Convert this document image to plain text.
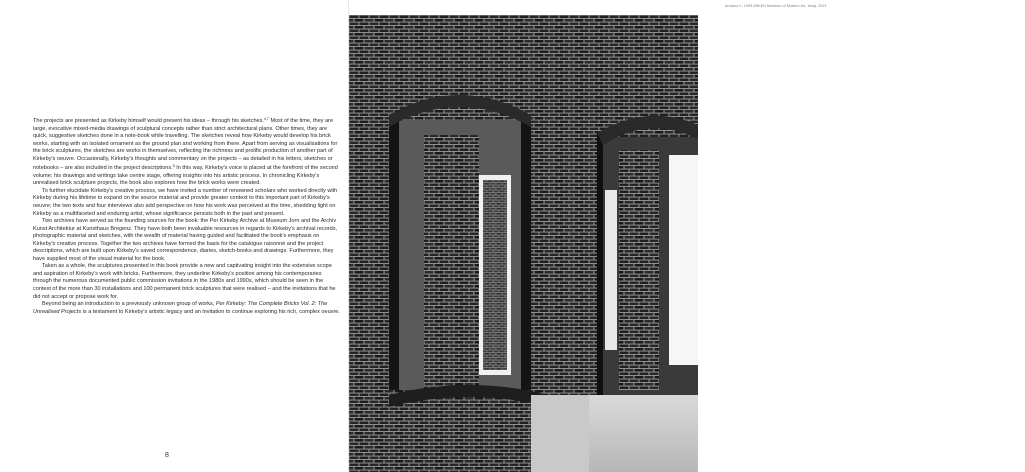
The projects are presented as Kirkeby himself would present his ideas – through his sketches.$^{4,7}$ Most of the time, they are large, evocative mixed-media drawings of sculptural concepts rather than strict architectural plans. Other times, they are quick, suggestive sketches done in a note-book while travelling. The sketches reveal how Kirkeby would develop his brick works, starting with an isolated ornament as the ground plan and working from there. Apart from serving as visualisations for the brick sculptures, the sketches are works in themselves, reflecting the richness and prolific production of another part of Kirkeby's oeuvre. Occasionally, Kirkeby's thoughts and commentary on the projects – as detailed in his letters, sketches or notebooks – are also included in the project descriptions.$^5$ In this way, Kirkeby's voice is placed at the forefront of the second volume; his drawings and writings take centre stage, offering insights into his artistic process. In chronicling Kirkeby's unrealised brick sculpture projects, the book also explores how the brick works were created.

To further elucidate Kirkeby's creative process, we have invited a number of renowned scholars who worked directly with Kirkeby during his lifetime to expand on the source material and provide greater context to this important part of Kirkeby's oeuvre; the two texts and four interviews also add perspective on how his work was perceived at the time, shedding light on Kirkeby as a multifaceted and enduring artist, whose significance persists both in the past and present.

Two archives have served as the founding sources for the book: the Per Kirkeby Archive at Museum Jorn and the Archiv Kunst Architektur at Kunsthaus Bregenz. They have both been invaluable resources in regards to Kirkeby's archival records, photographic material and sketches, with the wealth of material having guided and facilitated the book's emphasis on Kirkeby's creative process. Together the two archives have formed the basis for the catalogue raisonné and the project descriptions, which are built upon Kirkeby's saved correspondence, diaries, sketch-books and drawings. Furthermore, they have supplied most of the visual material for the book.

Taken as a whole, the sculptures presented in this book provide a new and captivating insight into the extensive scope and aspiration of Kirkeby's work with bricks. Furthermore, they underline Kirkeby's position among his contemporaries through the numerous documented public commission invitations in the 1980s and 1990s, which should be seen in the context of the more than 30 installations and 100 permanent brick sculptures that were realised – and the invitations that he did not accept or propose work for.

Beyond being an introduction to a previously unknown group of works, Per Kirkeby: The Complete Bricks Vol. 2: The Unrealised Projects is a testament to Kirkeby's artistic legacy and an invitation to continue exploring his rich, complex oeuvre.

8
Arnarus II, 1999 ARKEN Museum of Modern Art, Ishøj, 2023
